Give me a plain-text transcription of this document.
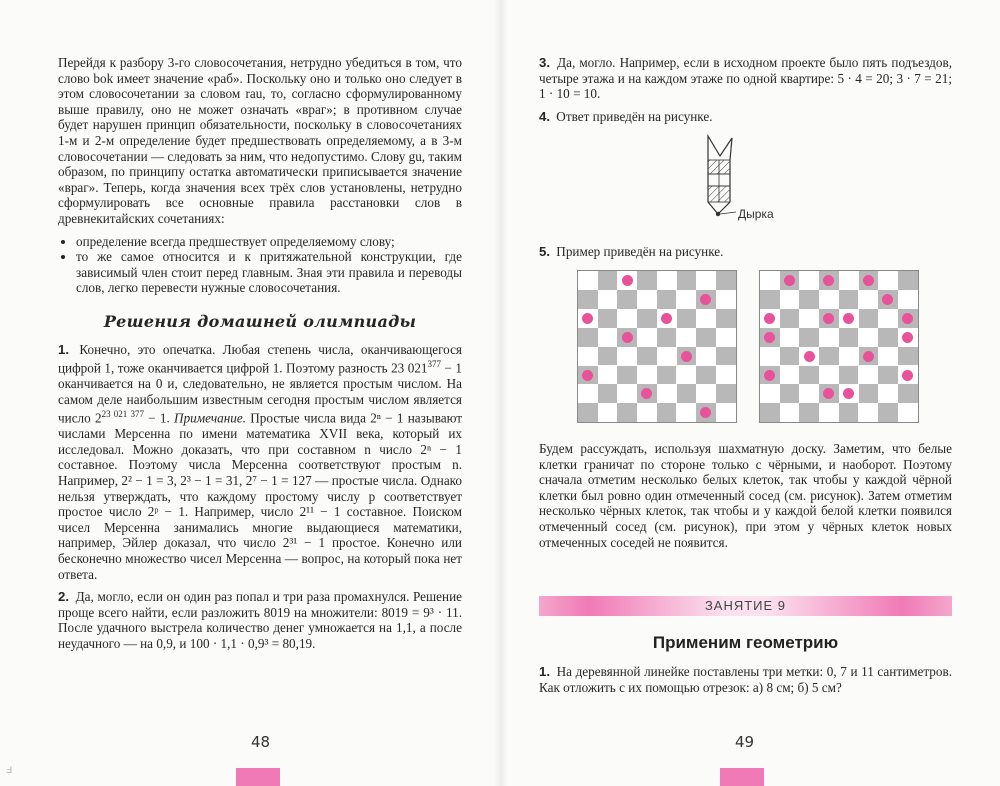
Перейдя к разбору 3-го словосочетания, нетрудно убедиться в том, что слово bok имеет значение «раб». Поскольку оно и только оно следует в этом словосочетании за словом rau, то, согласно сформулированному выше правилу, оно не может означать «враг»; в противном случае будет нарушен принцип обязательности, поскольку в словосочетаниях 1-м и 2-м определение будет предшествовать определяемому, а в 3-м словосочетании — следовать за ним, что недопустимо. Слову gu, таким образом, по принципу остатка автоматически приписывается значение «враг». Теперь, когда значения всех трёх слов установлены, нетрудно сформулировать все основные правила расстановки слов в древнекитайских сочетаниях:

• определение всегда предшествует определяемому слову;
• то же самое относится и к притяжательной конструкции, где зависимый член стоит перед главным. Зная эти правила и переводы слов, легко перевести нужные словосочетания.
Решения домашней олимпиады

1. Конечно, это опечатка. Любая степень числа, оканчивающегося цифрой 1, тоже оканчивается цифрой 1. Поэтому разность 23 $021^{377} - 1$ оканчивается на 0 и, следовательно, не является простым числом. На самом деле наибольшим известным сегодня простым числом является число $2^{23 021 377} - 1$. Примечание. Простые числа вида 2ⁿ − 1 называют числами Мерсенна по имени математика XVII века, который их исследовал. Можно доказать, что при составном n число 2ⁿ − 1 составное. Поэтому числа Мерсенна соответствуют простым n. Например, 2² − 1 = 3, 2³ − 1 = 31, 2⁷ − 1 = 127 — простые числа. Однако нельзя утверждать, что каждому простому числу p соответствует простое число 2ᵖ − 1. Например, число 2¹¹ − 1 составное. Поиском чисел Мерсенна занимались многие выдающиеся математики, например, Эйлер доказал, что число 2³¹ − 1 простое. Конечно или бесконечно множество чисел Мерсенна — вопрос, на который пока нет ответа.

2. Да, могло, если он один раз попал и три раза промахнулся. Решение проще всего найти, если разложить 8019 на множители: 8019 = 9³ · 11. После удачного выстрела количество денег умножается на 1,1, а после неудачного — на 0,9, и 100 · 1,1 · 0,9³ = 80,19.

48
ⅎ

3. Да, могло. Например, если в исходном проекте было пять подъездов, четыре этажа и на каждом этаже по одной квартире: 5 · 4 = 20; 3 · 7 = 21; 1 · 10 = 10.

4. Ответ приведён на рисунке.

Дырка

5. Пример приведён на рисунке.

Будем рассуждать, используя шахматную доску. Заметим, что белые клетки граничат по стороне только с чёрными, и наоборот. Поэтому сначала отметим несколько белых клеток, так чтобы у каждой чёрной клетки был ровно один отмеченный сосед (см. рисунок). Затем отметим несколько чёрных клеток, так чтобы и у каждой белой клетки появился отмеченный сосед (см. рисунок), при этом у чёрных клеток новых отмеченных соседей не появится.

ЗАНЯТИЕ 9
Применим геометрию

1. На деревянной линейке поставлены три метки: 0, 7 и 11 сантиметров. Как отложить с их помощью отрезок: а) 8 см; б) 5 см?

49
